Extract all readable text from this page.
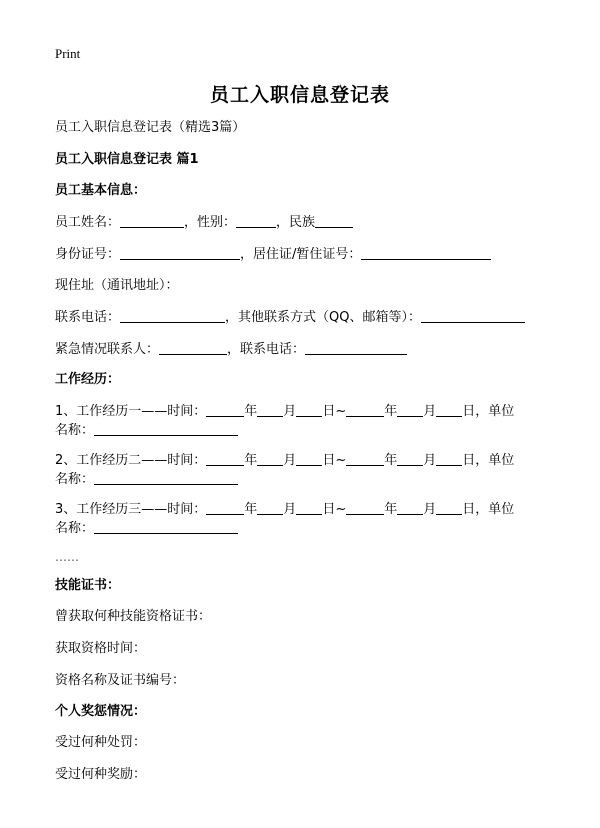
Print
员工入职信息登记表
员工入职信息登记表（精选3篇）
员工入职信息登记表 篇1
员工基本信息：
员工姓名：	，性别：	，民族
身份证号：	，居住证/暂住证号：
现住址（通讯地址）：
联系电话：	，其他联系方式（QQ、邮箱等）：
紧急情况联系人：	，联系电话：
工作经历：
1、工作经历一——时间：	年 月 日~	年 月 日，单位
名称：
2、工作经历二——时间：	年 月 日~	年 月 日，单位
名称：
3、工作经历三——时间：	年 月 日~	年 月 日，单位
名称：
……
技能证书：
曾获取何种技能资格证书：
获取资格时间：
资格名称及证书编号：
个人奖惩情况：
受过何种处罚：
受过何种奖励：
